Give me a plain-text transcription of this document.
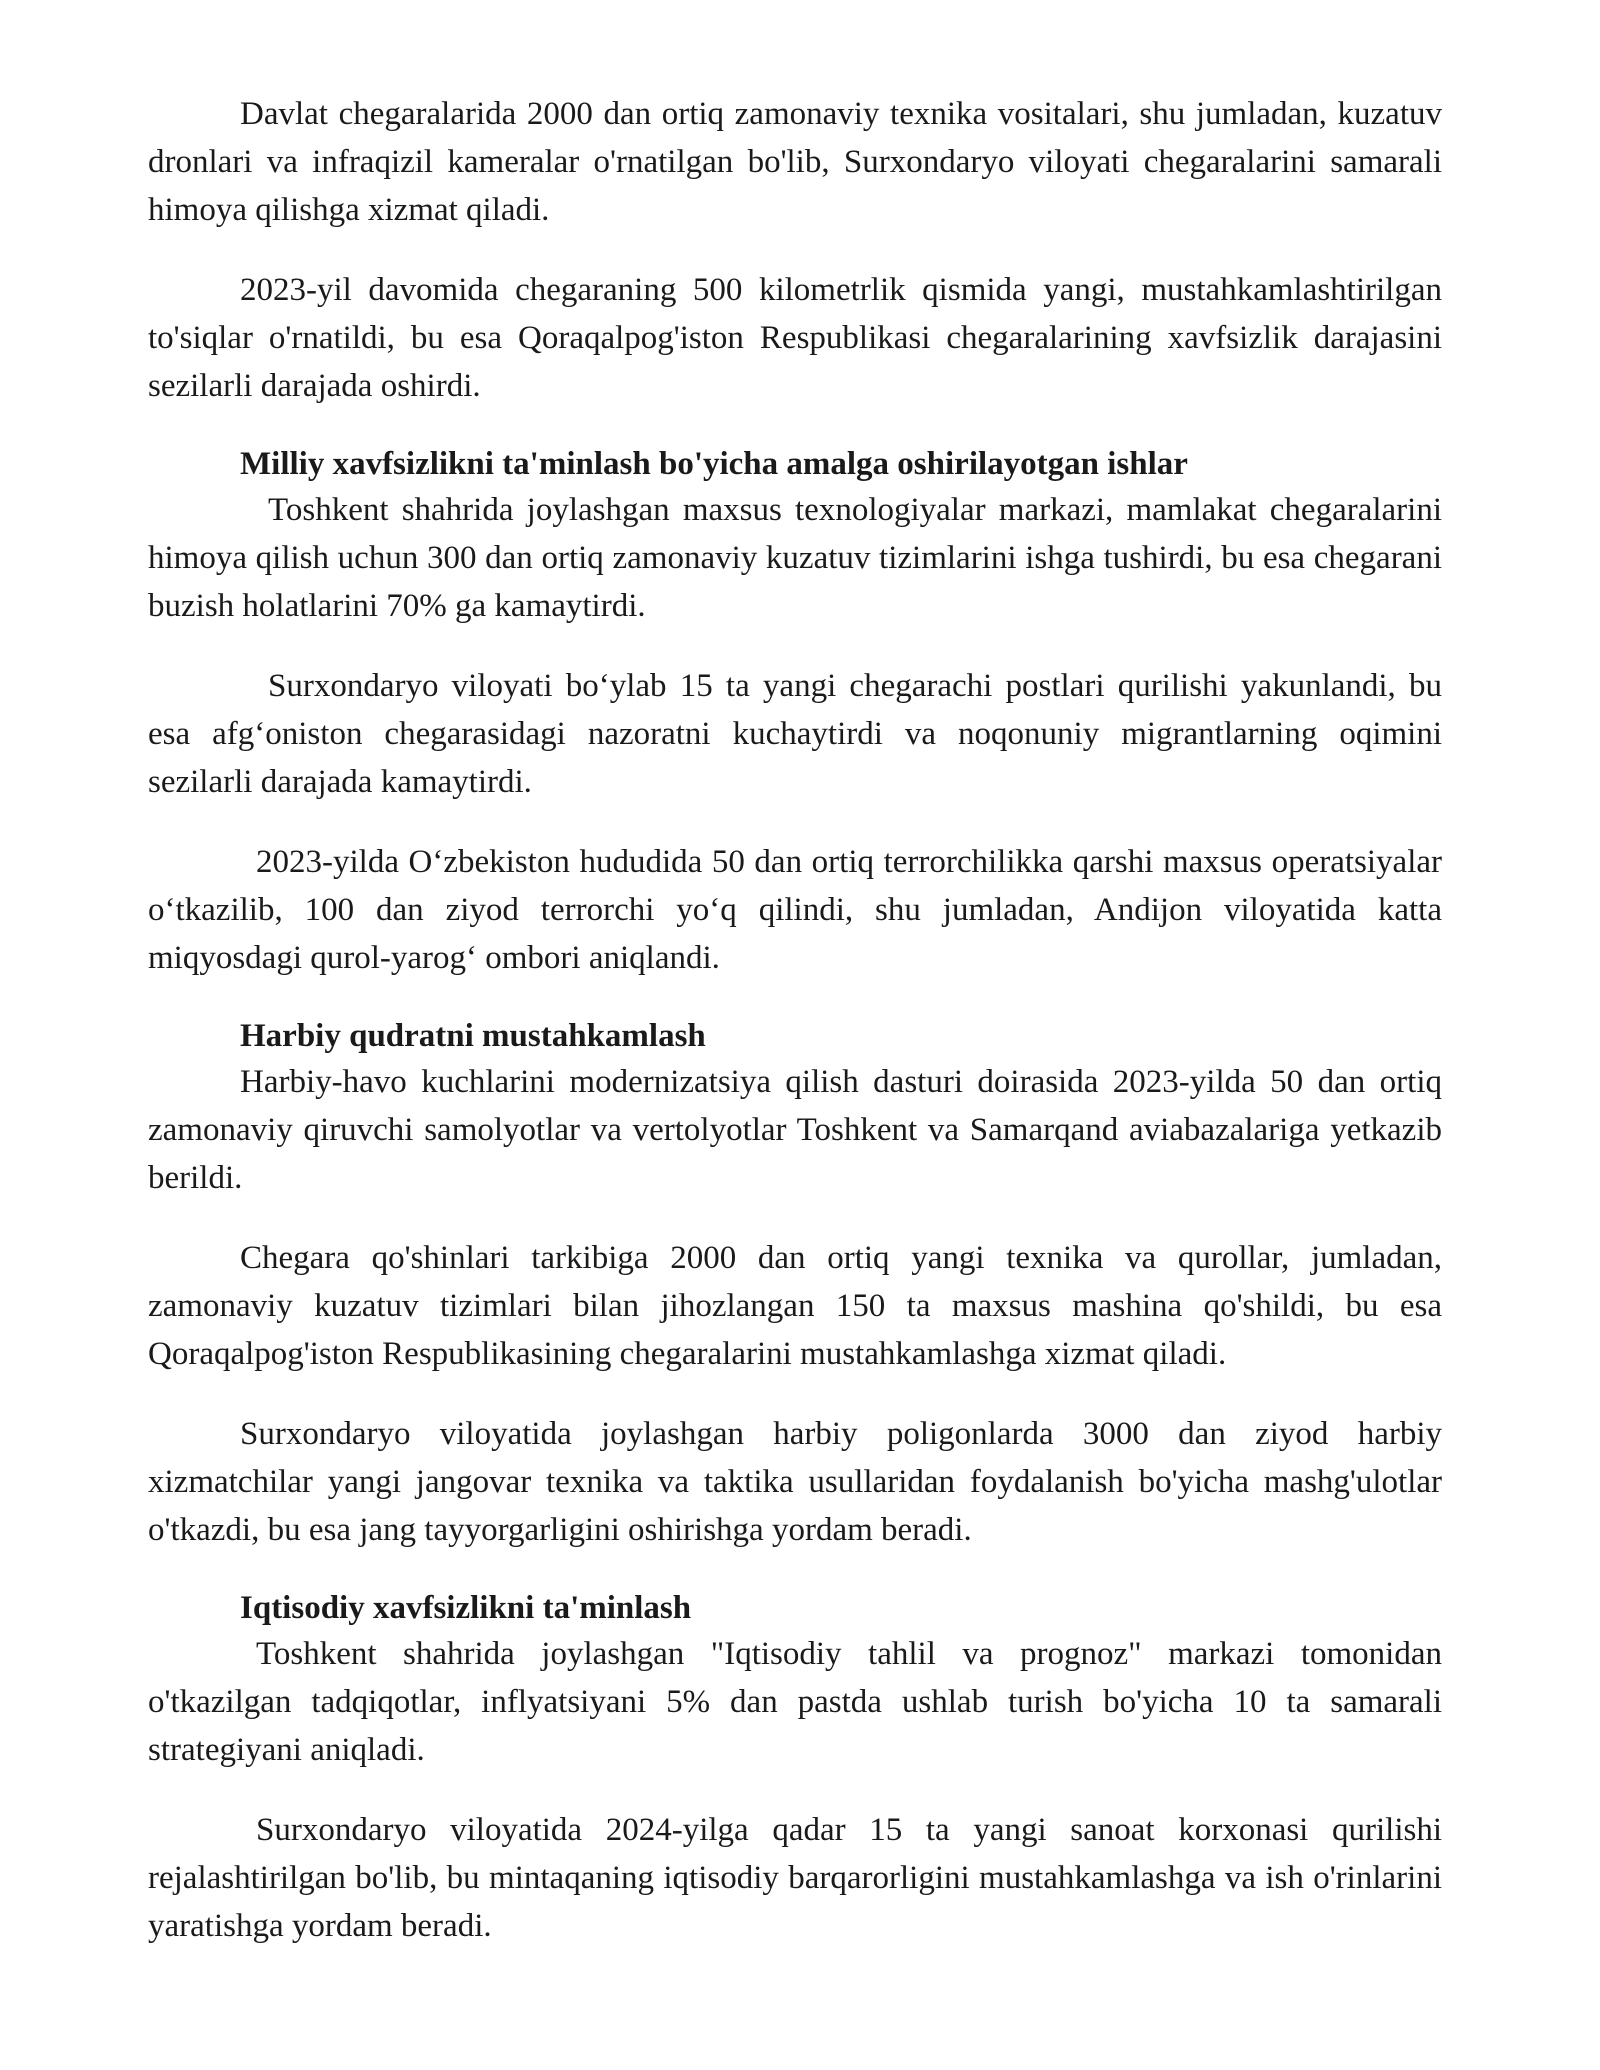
Davlat chegaralarida 2000 dan ortiq zamonaviy texnika vositalari, shu jumladan, kuzatuv dronlari va infraqizil kameralar o'rnatilgan bo'lib, Surxondaryo viloyati chegaralarini samarali himoya qilishga xizmat qiladi.

2023-yil davomida chegaraning 500 kilometrlik qismida yangi, mustahkamlashtirilgan to'siqlar o'rnatildi, bu esa Qoraqalpog'iston Respublikasi chegaralarining xavfsizlik darajasini sezilarli darajada oshirdi.

Milliy xavfsizlikni ta'minlash bo'yicha amalga oshirilayotgan ishlar

Toshkent shahrida joylashgan maxsus texnologiyalar markazi, mamlakat chegaralarini himoya qilish uchun 300 dan ortiq zamonaviy kuzatuv tizimlarini ishga tushirdi, bu esa chegarani buzish holatlarini 70% ga kamaytirdi.

Surxondaryo viloyati bo‘ylab 15 ta yangi chegarachi postlari qurilishi yakunlandi, bu esa afg‘oniston chegarasidagi nazoratni kuchaytirdi va noqonuniy migrantlarning oqimini sezilarli darajada kamaytirdi.

2023-yilda O‘zbekiston hududida 50 dan ortiq terrorchilikka qarshi maxsus operatsiyalar o‘tkazilib, 100 dan ziyod terrorchi yo‘q qilindi, shu jumladan, Andijon viloyatida katta miqyosdagi qurol-yarog‘ ombori aniqlandi.

Harbiy qudratni mustahkamlash

Harbiy-havo kuchlarini modernizatsiya qilish dasturi doirasida 2023-yilda 50 dan ortiq zamonaviy qiruvchi samolyotlar va vertolyotlar Toshkent va Samarqand aviabazalariga yetkazib berildi.

Chegara qo'shinlari tarkibiga 2000 dan ortiq yangi texnika va qurollar, jumladan, zamonaviy kuzatuv tizimlari bilan jihozlangan 150 ta maxsus mashina qo'shildi, bu esa Qoraqalpog'iston Respublikasining chegaralarini mustahkamlashga xizmat qiladi.

Surxondaryo viloyatida joylashgan harbiy poligonlarda 3000 dan ziyod harbiy xizmatchilar yangi jangovar texnika va taktika usullaridan foydalanish bo'yicha mashg'ulotlar o'tkazdi, bu esa jang tayyorgarligini oshirishga yordam beradi.

Iqtisodiy xavfsizlikni ta'minlash

Toshkent shahrida joylashgan "Iqtisodiy tahlil va prognoz" markazi tomonidan o'tkazilgan tadqiqotlar, inflyatsiyani 5% dan pastda ushlab turish bo'yicha 10 ta samarali strategiyani aniqladi.

Surxondaryo viloyatida 2024-yilga qadar 15 ta yangi sanoat korxonasi qurilishi rejalashtirilgan bo'lib, bu mintaqaning iqtisodiy barqarorligini mustahkamlashga va ish o'rinlarini yaratishga yordam beradi.
